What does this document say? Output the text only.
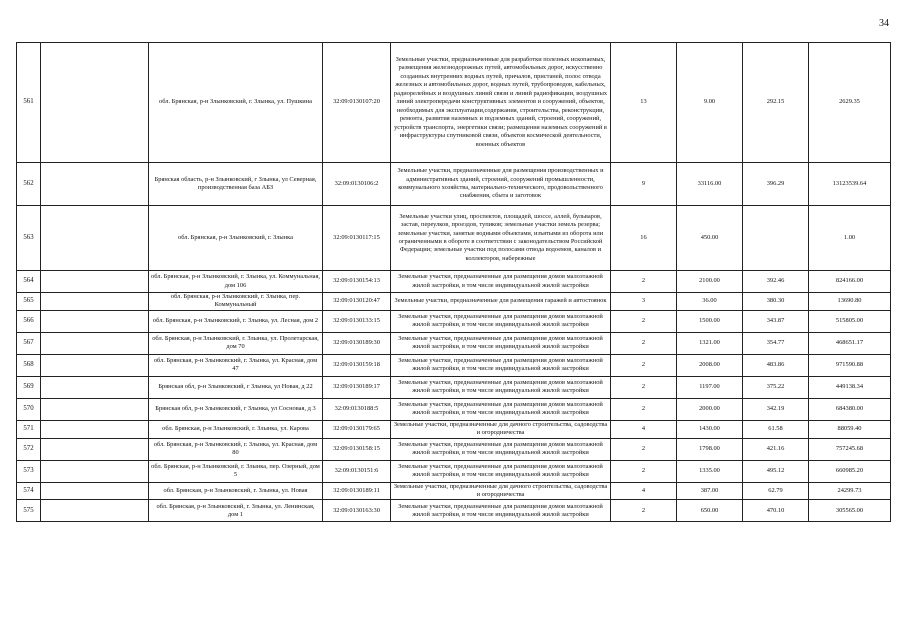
34
561		обл. Брянская, р-н Злынковский, г. Злынка, ул. Пушкина	32:09:0130107:20	Земельные участки, предназначенные для разработки полезных ископаемых, размещения железнодорожных путей, автомобильных дорог, искусственно созданных внутренних водных путей, причалов, пристаней, полос отвода железных и автомобильных дорог, водных путей, трубопроводов, кабельных, радиорелейных и воздушных линий связи и линий радиофикации, воздушных линий электропередачи конструктивных элементов и сооружений, объектов, необходимых для эксплуатации,содержания, строительства, реконструкции, ремонта, развития наземных и подземных зданий, строений, сооружений, устройств транспорта, энергетики связи; размещения наземных сооружений в инфраструктуры спутниковой связи, объектов космической деятельности, военных объектов	13	9.00	292.15	2629.35
562		Брянская область, р-н Злынковский, г Злынка, ул Северная, производственная база АБЗ	32:09:0130106:2	Земельные участки, предназначенные для размещения производственных и административных зданий, строений, сооружений промышленности, коммунального хозяйства, материально-технического, продовольственного снабжения, сбыта и заготовок	9	33116.00	396.29	13123539.64
563		обл. Брянская, р-н Злынковский, г. Злынка	32:09:0130117:15	Земельные участки улиц, проспектов, площадей, шоссе, аллей, бульваров, застав, переулков, проездов, тупиков; земельные участки земель резерва; земельные участки, занятые водными объектами, изъятыми из оборота или ограниченными в обороте в соответствии с законодательством Российской Федерации; земельные участки под полосами отвода водоемов, каналов и коллекторов, набережные	16	450.00		1.00
564		обл. Брянская, р-н Злынковский, г. Злынка, ул. Коммунальная, дом 106	32:09:0130154:13	Земельные участки, предназначенные для размещения домов малоэтажной жилой застройки, в том числе индивидуальной жилой застройки	2	2100.00	392.46	824166.00
565		обл. Брянская, р-н Злынковский, г. Злынка, пер. Коммунальный	32:09:0130120:47	Земельные участки, предназначенные для размещения гаражей и автостоянок	3	36.00	380.30	13690.80
566		обл. Брянская, р-н Злынковский, г. Злынка, ул. Лесная, дом 2	32:09:0130133:15	Земельные участки, предназначенные для размещения домов малоэтажной жилой застройки, в том числе индивидуальной жилой застройки	2	1500.00	343.87	515805.00
567		обл. Брянская, р-н Злынковский, г. Злынка, ул. Пролетарская, дом 70	32:09:0130189:30	Земельные участки, предназначенные для размещения домов малоэтажной жилой застройки, в том числе индивидуальной жилой застройки	2	1321.00	354.77	468651.17
568		обл. Брянская, р-н Злынковский, г. Злынка, ул. Красная, дом 47	32:09:0130159:18	Земельные участки, предназначенные для размещения домов малоэтажной жилой застройки, в том числе индивидуальной жилой застройки	2	2008.00	483.86	971590.88
569		Брянская обл, р-н Злынковский, г Злынка, ул Новая, д 22	32:09:0130189:17	Земельные участки, предназначенные для размещения домов малоэтажной жилой застройки, в том числе индивидуальной жилой застройки	2	1197.00	375.22	449138.34
570		Брянская обл, р-н Злынковский, г Злынка, ул Сосновая, д 3	32:09:0130188:5	Земельные участки, предназначенные для размещения домов малоэтажной жилой застройки, в том числе индивидуальной жилой застройки	2	2000.00	342.19	684380.00
571		обл. Брянская, р-н Злынковский, г. Злынка, ул. Карова	32:09:0130179:65	Земельные участки, предназначенные для дачного строительства, садоводства и огородничества	4	1430.00	61.58	88059.40
572		обл. Брянская, р-н Злынковский, г. Злынка, ул. Красная, дом 80	32:09:0130158:15	Земельные участки, предназначенные для размещения домов малоэтажной жилой застройки, в том числе индивидуальной жилой застройки	2	1798.00	421.16	757245.68
573		обл. Брянская, р-н Злынковский, г. Злынка, пер. Озерный, дом 5	32:09:0130151:6	Земельные участки, предназначенные для размещения домов малоэтажной жилой застройки, в том числе индивидуальной жилой застройки	2	1335.00	495.12	660985.20
574		обл. Брянская, р-н Злынковский, г. Злынка, ул. Новая	32:09:0130189:11	Земельные участки, предназначенные для дачного строительства, садоводства и огородничества	4	387.00	62.79	24299.73
575		обл. Брянская, р-н Злынковский, г. Злынка, ул. Ленинская, дом 1	32:09:0130163:30	Земельные участки, предназначенные для размещения домов малоэтажной жилой застройки, в том числе индивидуальной жилой застройки	2	650.00	470.10	305565.00
